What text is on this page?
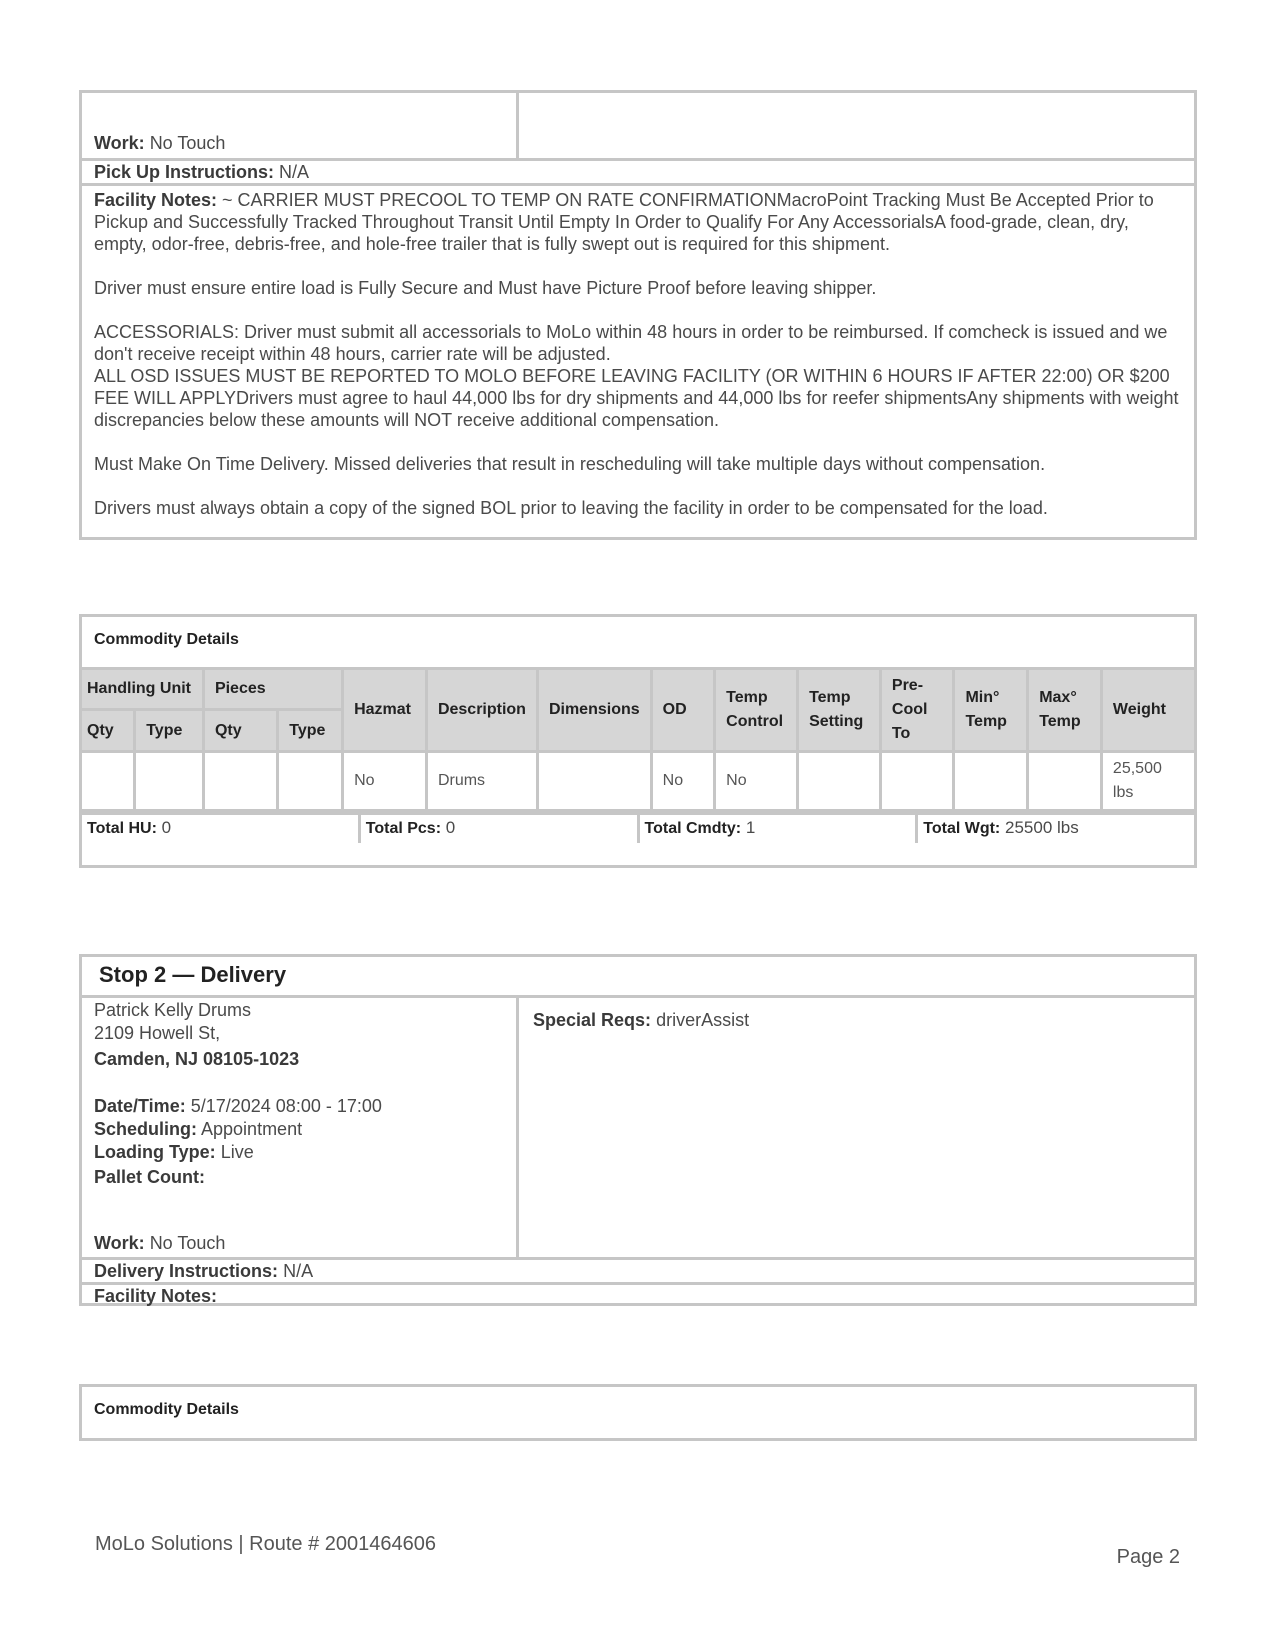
Work: No Touch
Pick Up Instructions: N/A
Facility Notes: ~ CARRIER MUST PRECOOL TO TEMP ON RATE CONFIRMATIONMacroPoint Tracking Must Be Accepted Prior to Pickup and Successfully Tracked Throughout Transit Until Empty In Order to Qualify For Any AccessorialsA food-grade, clean, dry, empty, odor-free, debris-free, and hole-free trailer that is fully swept out is required for this shipment.
Driver must ensure entire load is Fully Secure and Must have Picture Proof before leaving shipper.
ACCESSORIALS: Driver must submit all accessorials to MoLo within 48 hours in order to be reimbursed. If comcheck is issued and we don't receive receipt within 48 hours, carrier rate will be adjusted.
ALL OSD ISSUES MUST BE REPORTED TO MOLO BEFORE LEAVING FACILITY (OR WITHIN 6 HOURS IF AFTER 22:00) OR $200 FEE WILL APPLYDrivers must agree to haul 44,000 lbs for dry shipments and 44,000 lbs for reefer shipmentsAny shipments with weight discrepancies below these amounts will NOT receive additional compensation.
Must Make On Time Delivery. Missed deliveries that result in rescheduling will take multiple days without compensation.
Drivers must always obtain a copy of the signed BOL prior to leaving the facility in order to be compensated for the load.
Commodity Details
Handling Unit		Pieces		Hazmat	Description	Dimensions	OD	Temp Control	Temp Setting	Pre-Cool To	Min° Temp	Max° Temp	Weight
Qty	Type	Qty	Type										
				No	Drums		No	No					25,500 lbs
Total HU: 0	Total Pcs: 0	Total Cmdty: 1	Total Wgt: 25500 lbs
Stop 2 — Delivery
Patrick Kelly Drums
2109 Howell St,
Camden, NJ 08105-1023
Date/Time: 5/17/2024 08:00 - 17:00
Scheduling: Appointment
Loading Type: Live
Pallet Count:
Work: No Touch
Special Reqs: driverAssist
Delivery Instructions: N/A
Facility Notes:
Commodity Details
MoLo Solutions | Route # 2001464606
Page 2
